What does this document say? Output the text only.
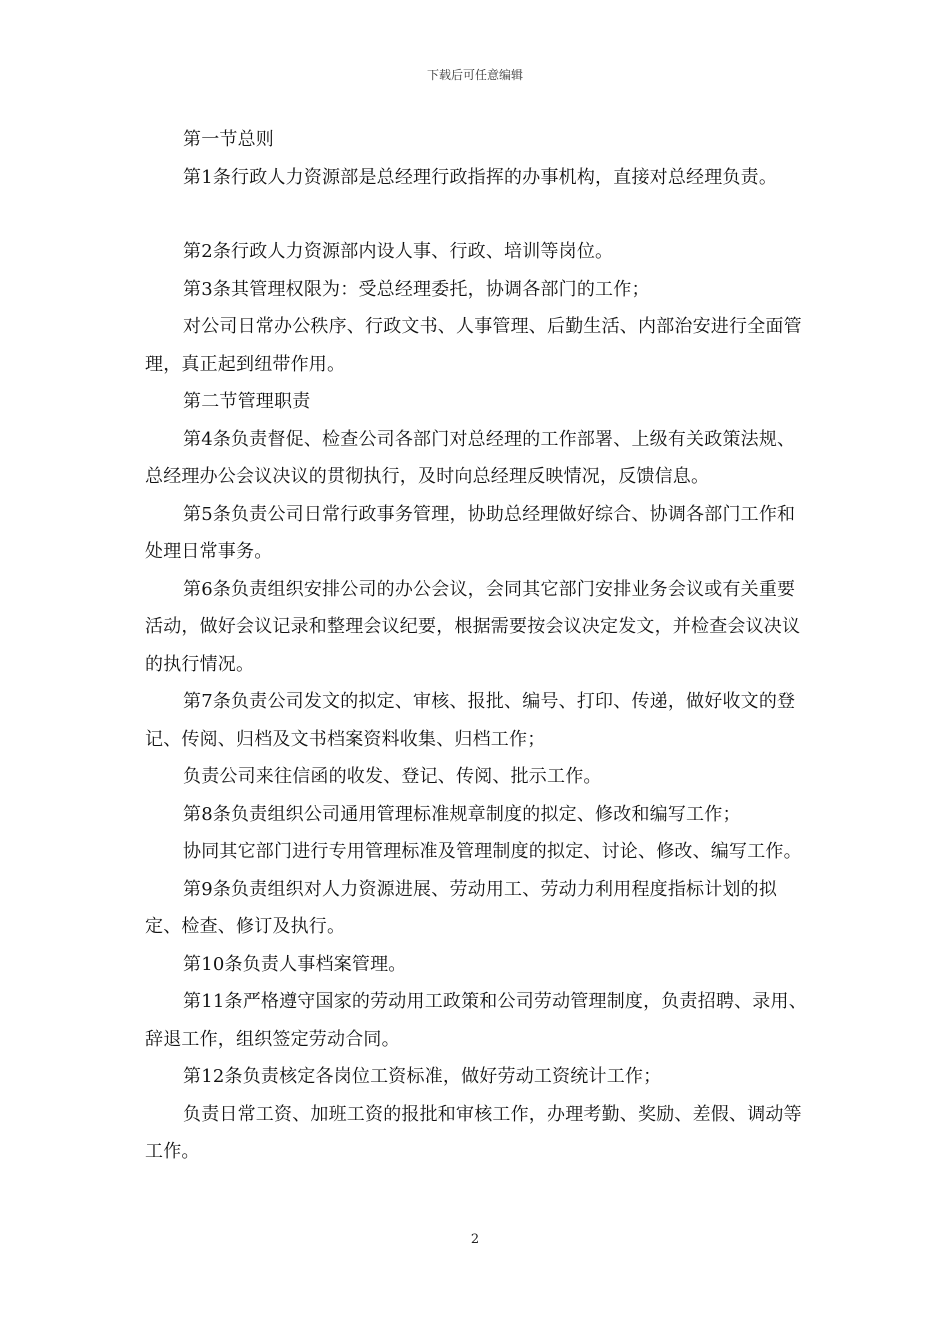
下载后可任意编辑

第一节总则

第1条行政人力资源部是总经理行政指挥的办事机构，直接对总经理负责。

第2条行政人力资源部内设人事、行政、培训等岗位。

第3条其管理权限为：受总经理委托，协调各部门的工作；

对公司日常办公秩序、行政文书、人事管理、后勤生活、内部治安进行全面管理，真正起到纽带作用。

第二节管理职责

第4条负责督促、检查公司各部门对总经理的工作部署、上级有关政策法规、总经理办公会议决议的贯彻执行，及时向总经理反映情况，反馈信息。

第5条负责公司日常行政事务管理，协助总经理做好综合、协调各部门工作和处理日常事务。

第6条负责组织安排公司的办公会议，会同其它部门安排业务会议或有关重要活动，做好会议记录和整理会议纪要，根据需要按会议决定发文，并检查会议决议的执行情况。

第7条负责公司发文的拟定、审核、报批、编号、打印、传递，做好收文的登记、传阅、归档及文书档案资料收集、归档工作；

负责公司来往信函的收发、登记、传阅、批示工作。

第8条负责组织公司通用管理标准规章制度的拟定、修改和编写工作；

协同其它部门进行专用管理标准及管理制度的拟定、讨论、修改、编写工作。

第9条负责组织对人力资源进展、劳动用工、劳动力利用程度指标计划的拟定、检查、修订及执行。

第10条负责人事档案管理。

第11条严格遵守国家的劳动用工政策和公司劳动管理制度，负责招聘、录用、辞退工作，组织签定劳动合同。

第12条负责核定各岗位工资标准，做好劳动工资统计工作；

负责日常工资、加班工资的报批和审核工作，办理考勤、奖励、差假、调动等工作。

2
